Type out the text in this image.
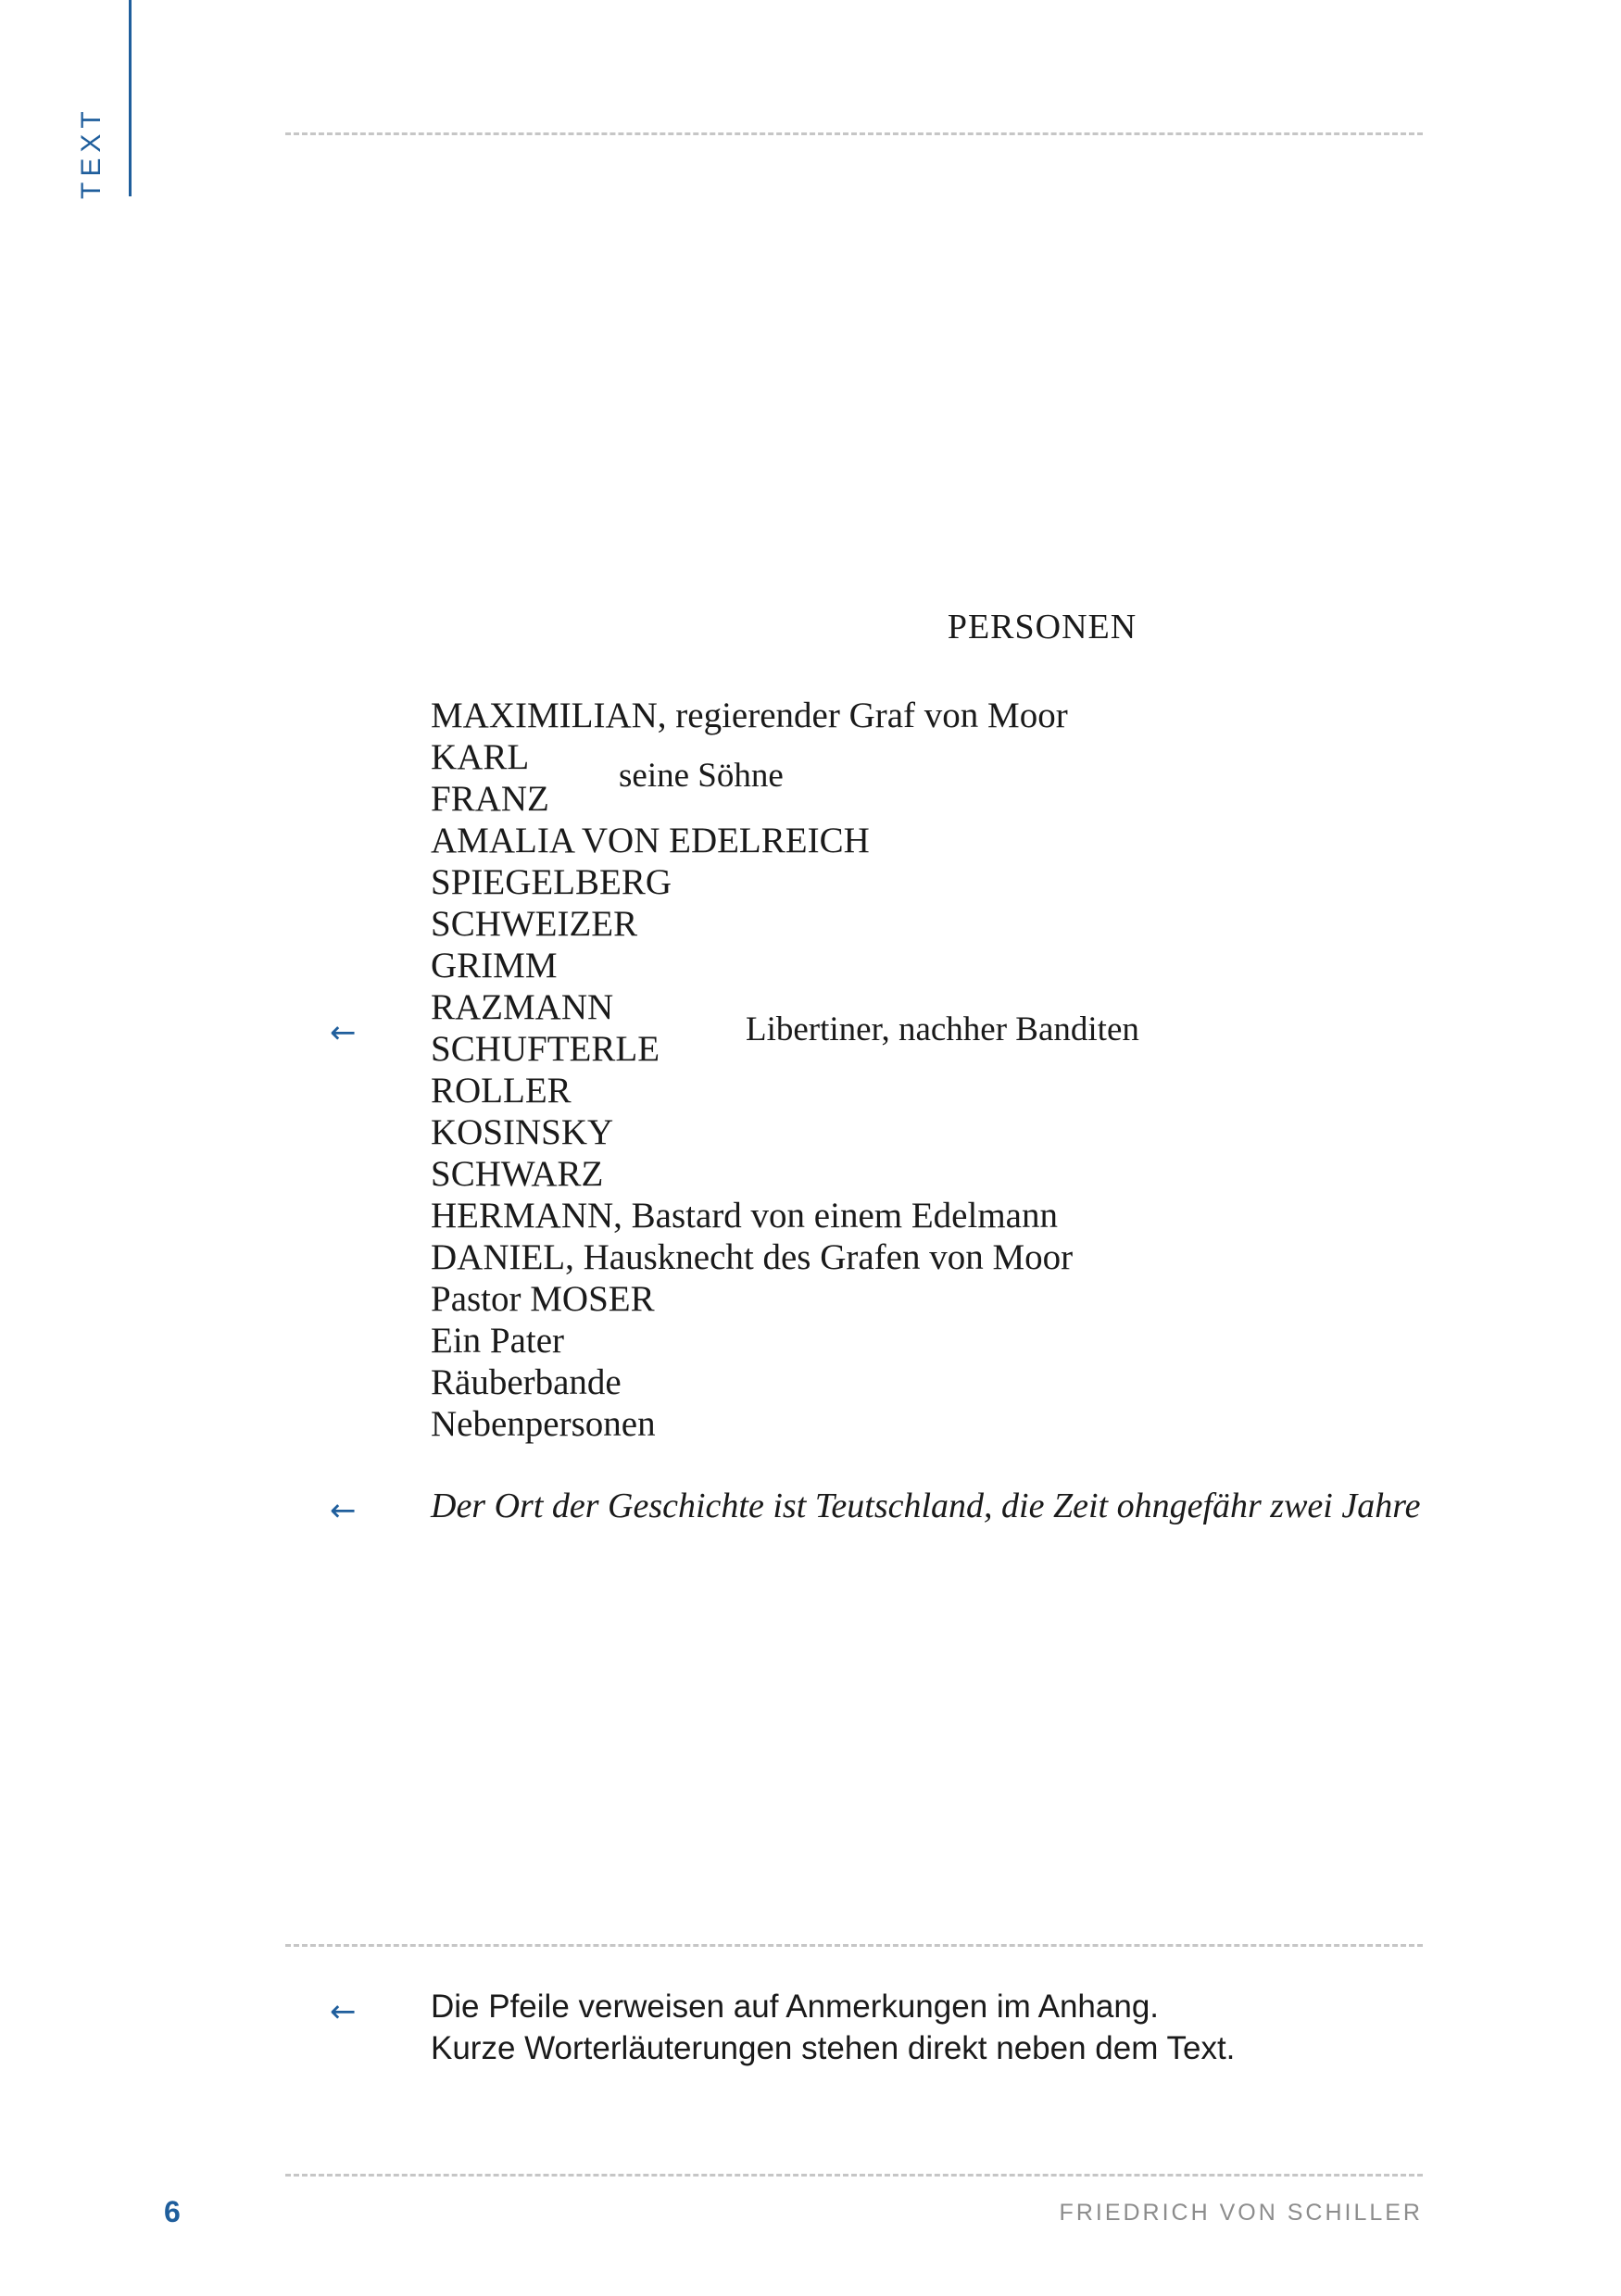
TEXT
PERSONEN
MAXIMILIAN, regierender Graf von Moor
KARL
FRANZ
seine Söhne
AMALIA VON EDELREICH
SPIEGELBERG
SCHWEIZER
GRIMM
RAZMANN
SCHUFTERLE
ROLLER
KOSINSKY
SCHWARZ
Libertiner, nachher Banditen
←
HERMANN, Bastard von einem Edelmann
DANIEL, Hausknecht des Grafen von Moor
Pastor MOSER
Ein Pater
Räuberbande
Nebenpersonen
← Der Ort der Geschichte ist Teutschland, die Zeit ohngefähr zwei Jahre
← Die Pfeile verweisen auf Anmerkungen im Anhang.
Kurze Worterläuterungen stehen direkt neben dem Text.
6	FRIEDRICH VON SCHILLER
